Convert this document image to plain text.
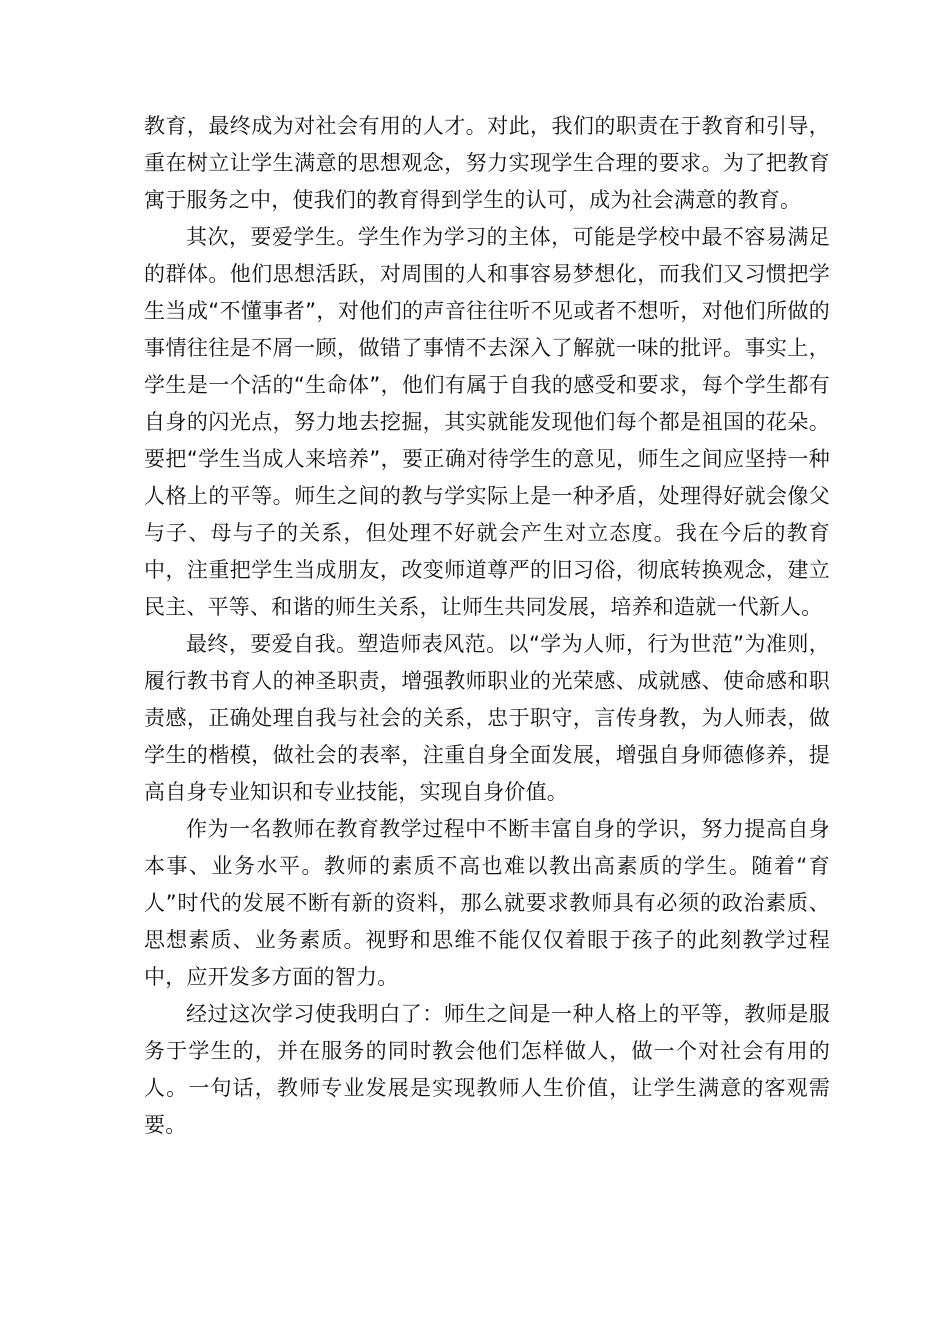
教育，最终成为对社会有用的人才。对此，我们的职责在于教育和引导，重在树立让学生满意的思想观念，努力实现学生合理的要求。为了把教育寓于服务之中，使我们的教育得到学生的认可，成为社会满意的教育。

其次，要爱学生。学生作为学习的主体，可能是学校中最不容易满足的群体。他们思想活跃，对周围的人和事容易梦想化，而我们又习惯把学生当成“不懂事者”，对他们的声音往往听不见或者不想听，对他们所做的事情往往是不屑一顾，做错了事情不去深入了解就一味的批评。事实上，学生是一个活的“生命体”，他们有属于自我的感受和要求，每个学生都有自身的闪光点，努力地去挖掘，其实就能发现他们每个都是祖国的花朵。要把“学生当成人来培养”，要正确对待学生的意见，师生之间应坚持一种人格上的平等。师生之间的教与学实际上是一种矛盾，处理得好就会像父与子、母与子的关系，但处理不好就会产生对立态度。我在今后的教育中，注重把学生当成朋友，改变师道尊严的旧习俗，彻底转换观念，建立民主、平等、和谐的师生关系，让师生共同发展，培养和造就一代新人。

最终，要爱自我。塑造师表风范。以“学为人师，行为世范”为准则，履行教书育人的神圣职责，增强教师职业的光荣感、成就感、使命感和职责感，正确处理自我与社会的关系，忠于职守，言传身教，为人师表，做学生的楷模，做社会的表率，注重自身全面发展，增强自身师德修养，提高自身专业知识和专业技能，实现自身价值。

作为一名教师在教育教学过程中不断丰富自身的学识，努力提高自身本事、业务水平。教师的素质不高也难以教出高素质的学生。随着“育人”时代的发展不断有新的资料，那么就要求教师具有必须的政治素质、思想素质、业务素质。视野和思维不能仅仅着眼于孩子的此刻教学过程中，应开发多方面的智力。

经过这次学习使我明白了：师生之间是一种人格上的平等，教师是服务于学生的，并在服务的同时教会他们怎样做人，做一个对社会有用的人。一句话，教师专业发展是实现教师人生价值，让学生满意的客观需要。
